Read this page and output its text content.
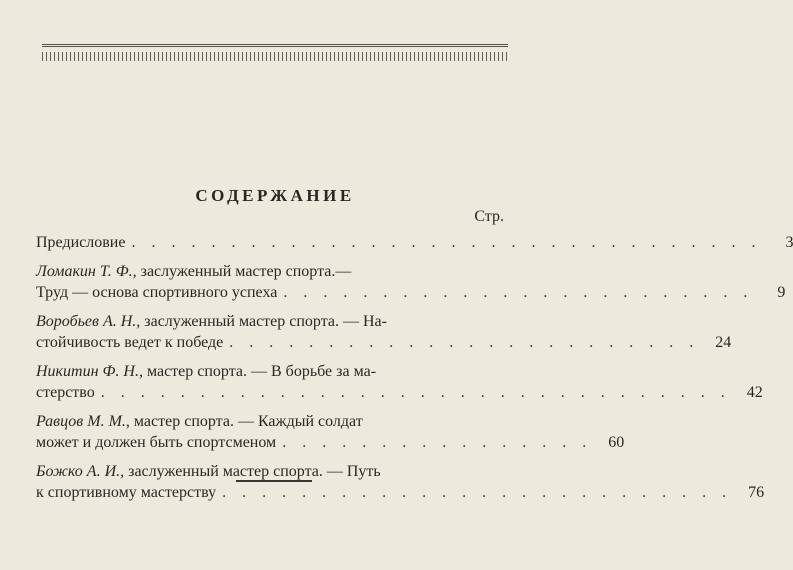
СОДЕРЖАНИЕ
Стр.
Предисловие . . . . . . . . . . . . . . . . . . . . . . . . . . . . . . . .	3
Ломакин Т. Ф., заслуженный мастер спорта.—
Труд — основа спортивного успеха . . . . . . . . . . . . . . . . . . . . . . . .	9
Воробьев А. Н., заслуженный мастер спорта. — На-
стойчивость ведет к победе . . . . . . . . . . . . . . . . . . . . . . . .	24
Никитин Ф. Н., мастер спорта. — В борьбе за ма-
стерство . . . . . . . . . . . . . . . . . . . . . . . . . . . . . . . .	42
Равцов М. М., мастер спорта. — Каждый солдат
может и должен быть спортсменом . . . . . . . . . . . . . . . .	60
Божко А. И., заслуженный мастер спорта. — Путь
к спортивному мастерству . . . . . . . . . . . . . . . . . . . . . . . . . .	76
